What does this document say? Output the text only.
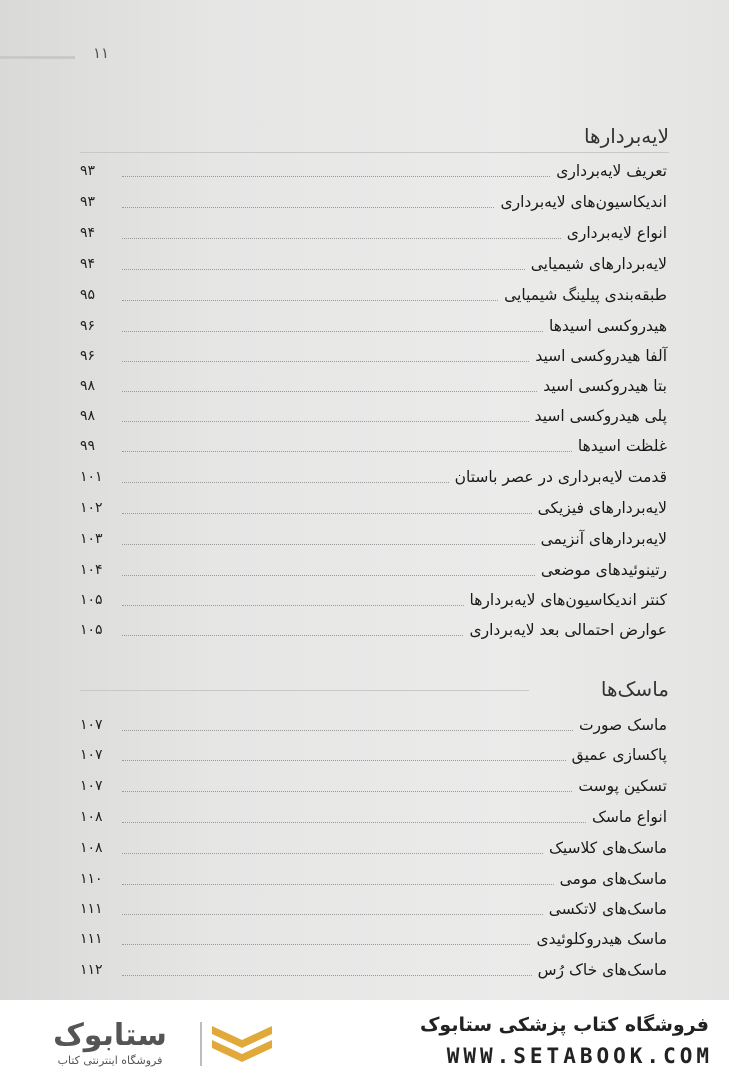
۱۱
لایه‌بردارها
تعریف لایه‌برداری
۹۳
اندیکاسیون‌های لایه‌برداری
۹۳
انواع لایه‌برداری
۹۴
لایه‌بردارهای شیمیایی
۹۴
طبقه‌بندی پیلینگ شیمیایی
۹۵
هیدروکسی اسیدها
۹۶
آلفا هیدروکسی اسید
۹۶
بتا هیدروکسی اسید
۹۸
پلی هیدروکسی اسید
۹۸
غلظت اسیدها
۹۹
قدمت لایه‌برداری در عصر باستان
۱۰۱
لایه‌بردارهای فیزیکی
۱۰۲
لایه‌بردارهای آنزیمی
۱۰۳
رتینوئیدهای موضعی
۱۰۴
کنتر اندیکاسیون‌های لایه‌بردارها
۱۰۵
عوارض احتمالی بعد لایه‌برداری
۱۰۵
ماسک‌ها
ماسک صورت
۱۰۷
پاکسازی عمیق
۱۰۷
تسکین پوست
۱۰۷
انواع ماسک
۱۰۸
ماسک‌های کلاسیک
۱۰۸
ماسک‌های مومی
۱۱۰
ماسک‌های لاتکسی
۱۱۱
ماسک هیدروکلوئیدی
۱۱۱
ماسک‌های خاک رُس
۱۱۲
ستابوک
فروشگاه اینترنتی کتاب
فروشگاه کتاب پزشکی ستابوک
WWW.SETABOOK.COM
